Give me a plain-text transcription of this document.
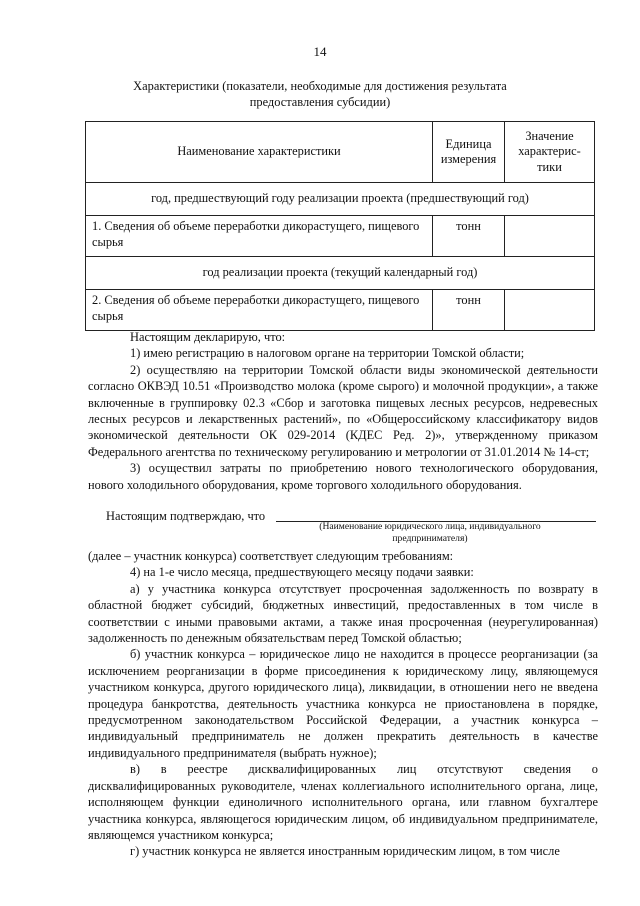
14
Характеристики (показатели, необходимые для достижения результата
предоставления субсидии)
Наименование характеристики	Единица измерения	Значение характерис-тики
год, предшествующий году реализации проекта (предшествующий год)		
1. Сведения об объеме переработки дикорастущего, пищевого сырья	тонн	
год реализации проекта (текущий календарный год)		
2. Сведения об объеме переработки дикорастущего, пищевого сырья	тонн	

Настоящим декларирую, что:

1) имею регистрацию в налоговом органе на территории Томской области;

2) осуществляю на территории Томской области виды экономической деятельности согласно ОКВЭД 10.51 «Производство молока (кроме сырого) и молочной продукции», а также включенные в группировку 02.3 «Сбор и заготовка пищевых лесных ресурсов, недревесных лесных ресурсов и лекарственных растений», по «Общероссийскому классификатору видов экономической деятельности ОК 029-2014 (КДЕС Ред. 2)», утвержденному приказом Федерального агентства по техническому регулированию и метрологии от 31.01.2014 № 14-ст;

3) осуществил затраты по приобретению нового технологического оборудования, нового холодильного оборудования, кроме торгового холодильного оборудования.

Настоящим подтверждаю, что
(Наименование юридического лица, индивидуального предпринимателя)

(далее – участник конкурса) соответствует следующим требованиям:

4) на 1-е число месяца, предшествующего месяцу подачи заявки:

а) у участника конкурса отсутствует просроченная задолженность по возврату в областной бюджет субсидий, бюджетных инвестиций, предоставленных в том числе в соответствии с иными правовыми актами, а также иная просроченная (неурегулированная) задолженность по денежным обязательствам перед Томской областью;

б) участник конкурса – юридическое лицо не находится в процессе реорганизации (за исключением реорганизации в форме присоединения к юридическому лицу, являющемуся участником конкурса, другого юридического лица), ликвидации, в отношении него не введена процедура банкротства, деятельность участника конкурса не приостановлена в порядке, предусмотренном законодательством Российской Федерации, а участник конкурса – индивидуальный предприниматель не должен прекратить деятельность в качестве индивидуального предпринимателя (выбрать нужное);

в) в реестре дисквалифицированных лиц отсутствуют сведения о дисквалифицированных руководителе, членах коллегиального исполнительного органа, лице, исполняющем функции единоличного исполнительного органа, или главном бухгалтере участника конкурса, являющегося юридическим лицом, об индивидуальном предпринимателе, являющемся участником конкурса;

г) участник конкурса не является иностранным юридическим лицом, в том числе
